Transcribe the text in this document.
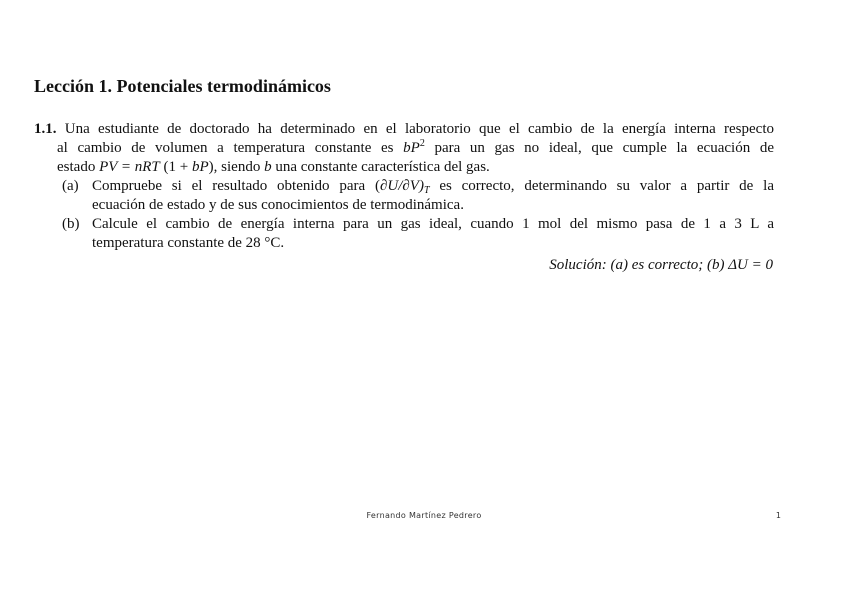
Lección 1. Potenciales termodinámicos
1.1. Una estudiante de doctorado ha determinado en el laboratorio que el cambio de la energía interna respecto
al cambio de volumen a temperatura constante es $bP^2$ para un gas no ideal, que cumple la ecuación de
estado PV = nRT (1 + bP), siendo b una constante característica del gas.
(a) Compruebe si el resultado obtenido para $(\partial U/\partial V)_T$ es correcto, determinando su valor a partir de la
ecuación de estado y de sus conocimientos de termodinámica.
(b) Calcule el cambio de energía interna para un gas ideal, cuando 1 mol del mismo pasa de 1 a 3 L a
temperatura constante de 28 °C.
Solución: (a) es correcto; (b) ΔU = 0
Fernando Martínez Pedrero	1
